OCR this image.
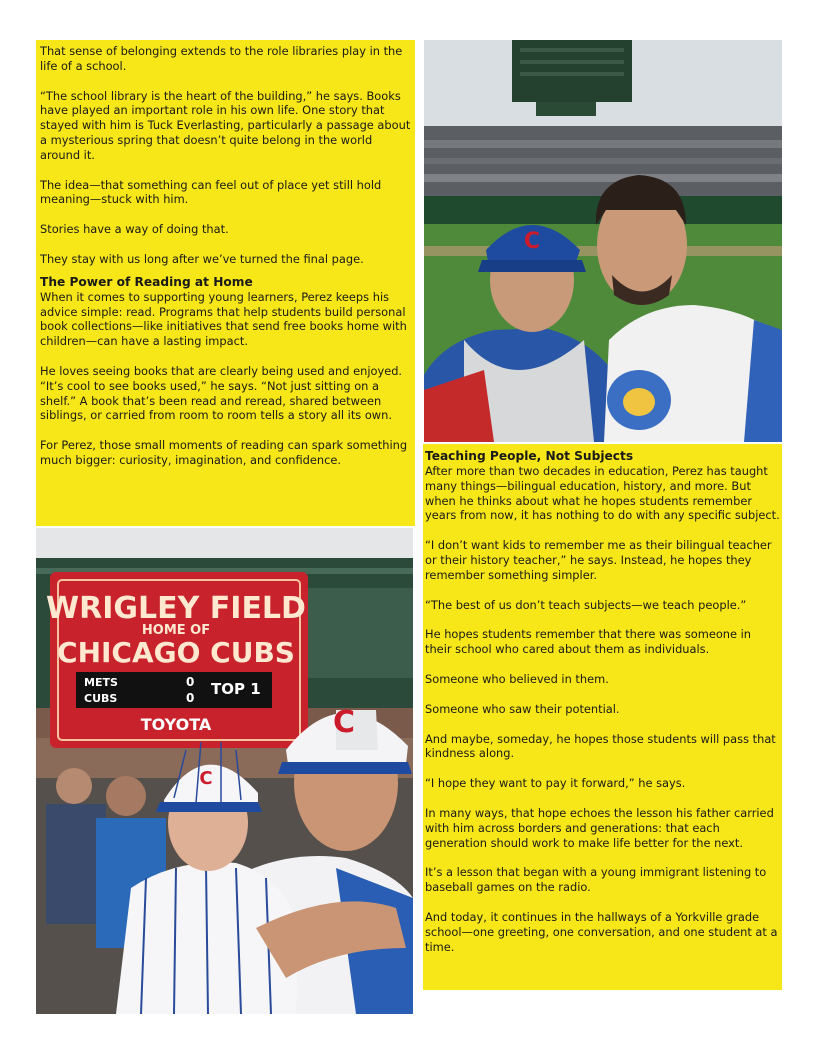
That sense of belonging extends to the role libraries play in the life of a school.

“The school library is the heart of the building,” he says. Books have played an important role in his own life. One story that stayed with him is Tuck Everlasting, particularly a passage about a mysterious spring that doesn’t quite belong in the world around it.

The idea—that something can feel out of place yet still hold meaning—stuck with him.

Stories have a way of doing that.

They stay with us long after we’ve turned the final page.

The Power of Reading at Home

When it comes to supporting young learners, Perez keeps his advice simple: read. Programs that help students build personal book collections—like initiatives that send free books home with children—can have a lasting impact.

He loves seeing books that are clearly being used and enjoyed. “It’s cool to see books used,” he says. “Not just sitting on a shelf.” A book that’s been read and reread, shared between siblings, or carried from room to room tells a story all its own.

For Perez, those small moments of reading can spark something much bigger: curiosity, imagination, and confidence.

C
Teaching People, Not Subjects

After more than two decades in education, Perez has taught many things—bilingual education, history, and more. But when he thinks about what he hopes students remember years from now, it has nothing to do with any specific subject.

“I don’t want kids to remember me as their bilingual teacher or their history teacher,” he says. Instead, he hopes they remember something simpler.

“The best of us don’t teach subjects—we teach people.”

He hopes students remember that there was someone in their school who cared about them as individuals.

Someone who believed in them.

Someone who saw their potential.

And maybe, someday, he hopes those students will pass that kindness along.

“I hope they want to pay it forward,” he says.

In many ways, that hope echoes the lesson his father carried with him across borders and generations: that each generation should work to make life better for the next.

It’s a lesson that began with a young immigrant listening to baseball games on the radio.

And today, it continues in the hallways of a Yorkville grade school—one greeting, one conversation, and one student at a time.

WRIGLEY FIELD
HOME OF
CHICAGO CUBS
METS
CUBS
0
0 TOP 1
TOYOTA	C
C
